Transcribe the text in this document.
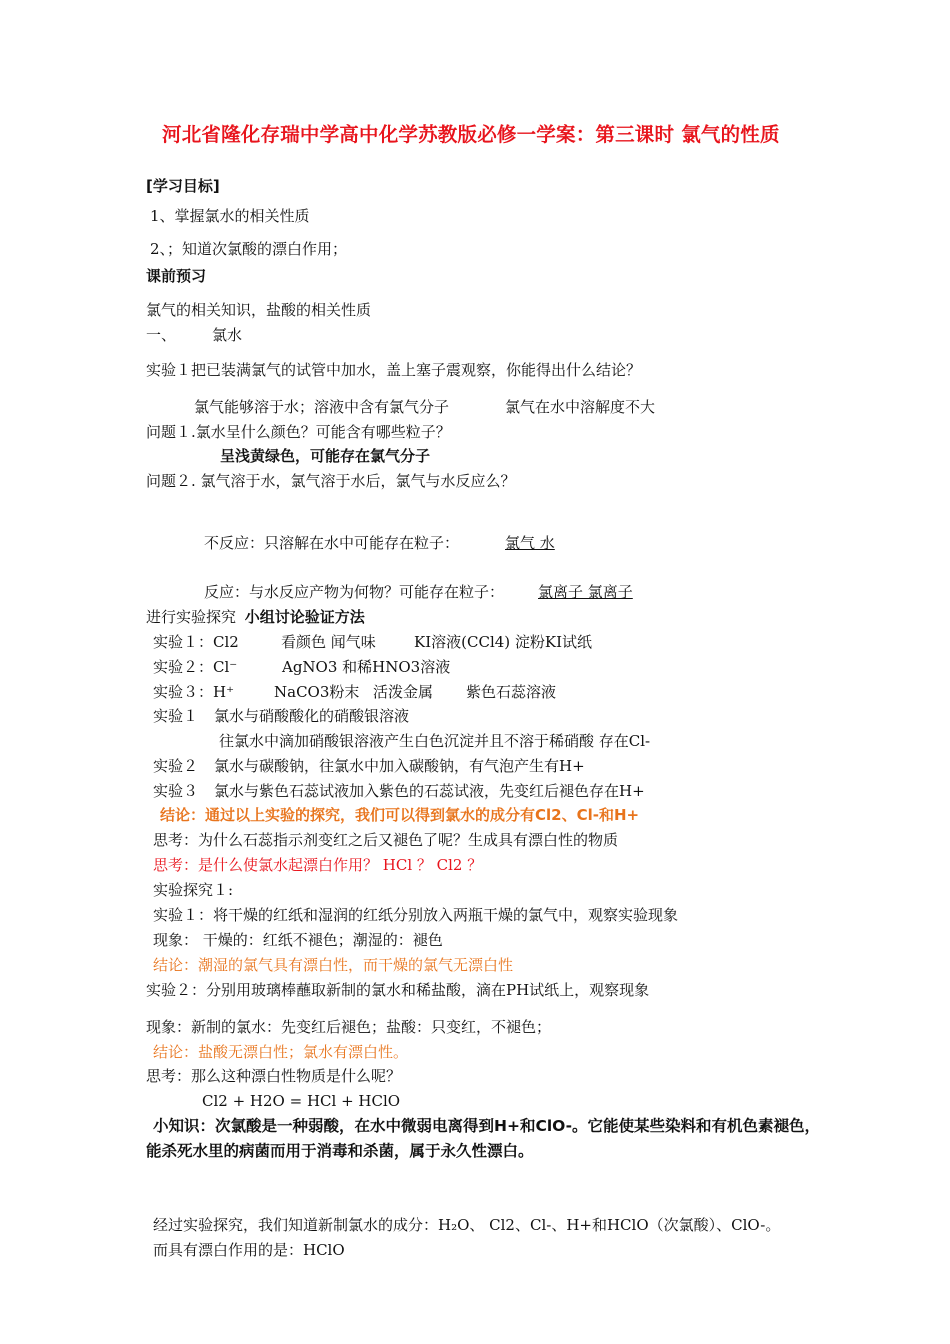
河北省隆化存瑞中学高中化学苏教版必修一学案：第三课时 氯气的性质
[学习目标]
1、掌握氯水的相关性质
2、；知道次氯酸的漂白作用；
课前预习
氯气的相关知识，盐酸的相关性质
一、 氯水
实验１把已装满氯气的试管中加水，盖上塞子震观察，你能得出什么结论？
氯气能够溶于水；溶液中含有氯气分子	氯气在水中溶解度不大
问题１.氯水呈什么颜色？可能含有哪些粒子？
呈浅黄绿色，可能存在氯气分子
问题２. 氯气溶于水，氯气溶于水后，氯气与水反应么？
不反应：只溶解在水中可能存在粒子：	氯气 水
反应：与水反应产物为何物？可能存在粒子： 氯离子 氯离子
进行实验探究 小组讨论验证方法
实验１：Cl2	看颜色 闻气味	KI溶液(CCl4) 淀粉KI试纸
实验２：Cl⁻	AgNO3 和稀HNO3溶液
实验３：H⁺	NaCO3粉末 活泼金属 紫色石蕊溶液
实验１ 氯水与硝酸酸化的硝酸银溶液
往氯水中滴加硝酸银溶液产生白色沉淀并且不溶于稀硝酸 存在Cl-
实验２ 氯水与碳酸钠，往氯水中加入碳酸钠，有气泡产生有H+
实验３ 氯水与紫色石蕊试液加入紫色的石蕊试液，先变红后褪色存在H+
结论：通过以上实验的探究，我们可以得到氯水的成分有Cl2、Cl-和H+
思考：为什么石蕊指示剂变红之后又褪色了呢？生成具有漂白性的物质
思考：是什么使氯水起漂白作用？ HCl ？ Cl2 ？
实验探究１:
实验１：将干燥的红纸和湿润的红纸分别放入两瓶干燥的氯气中，观察实验现象
现象： 干燥的：红纸不褪色；潮湿的：褪色
结论：潮湿的氯气具有漂白性，而干燥的氯气无漂白性
实验２：分别用玻璃棒蘸取新制的氯水和稀盐酸，滴在PH试纸上，观察现象
现象：新制的氯水：先变红后褪色；盐酸：只变红，不褪色；
结论：盐酸无漂白性；氯水有漂白性。
思考：那么这种漂白性物质是什么呢？
Cl2 + H2O = HCl + HClO
小知识：次氯酸是一种弱酸，在水中微弱电离得到H+和ClO-。它能使某些染料和有机色素褪色，
能杀死水里的病菌而用于消毒和杀菌，属于永久性漂白。
经过实验探究，我们知道新制氯水的成分：H₂O、 Cl2、Cl-、H+和HClO（次氯酸）、ClO-。
而具有漂白作用的是：HClO
